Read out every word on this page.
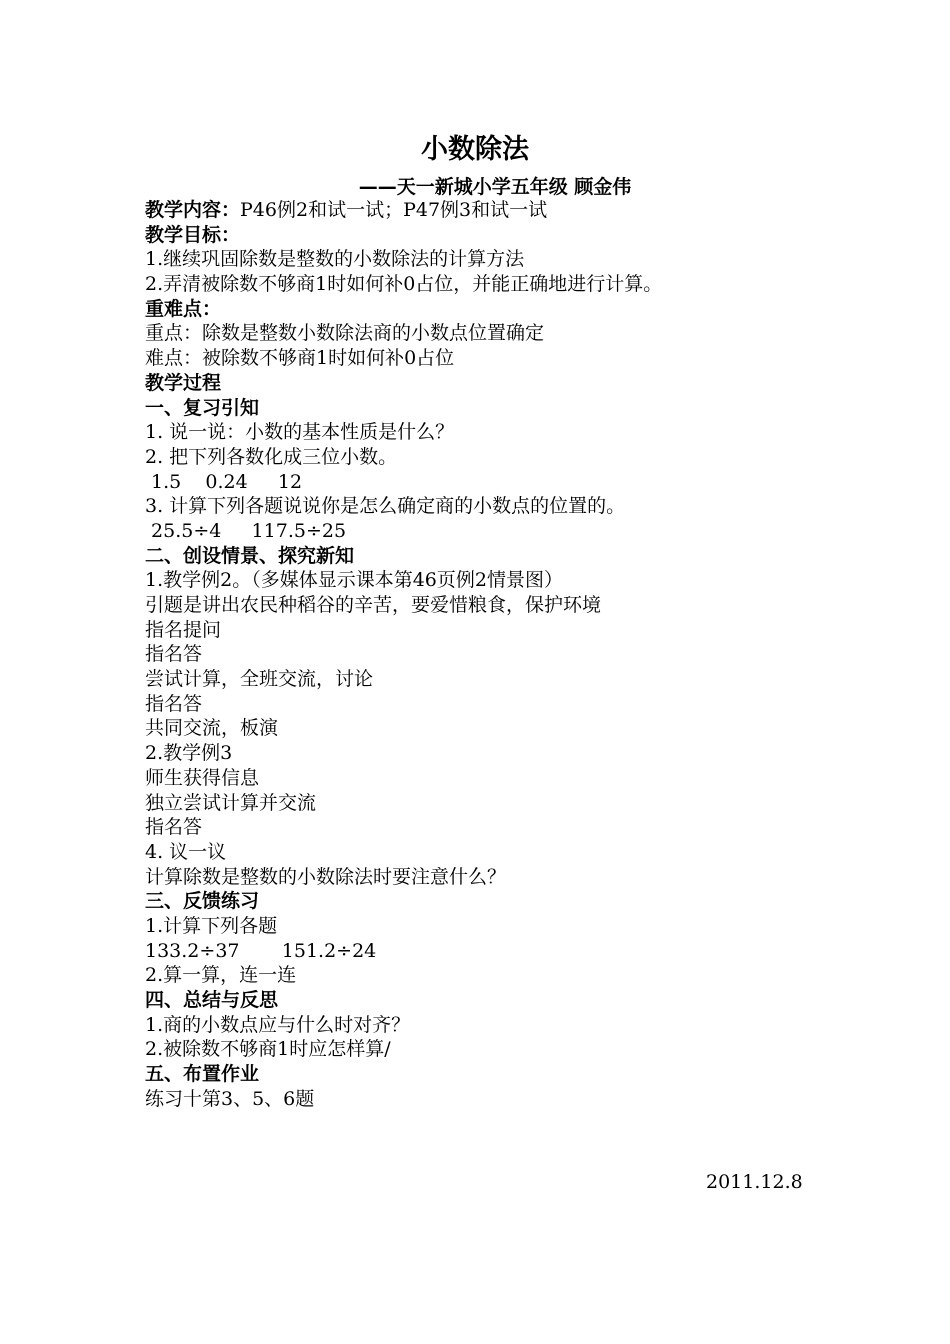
小数除法
——天一新城小学五年级 顾金伟
教学内容：P46例2和试一试；P47例3和试一试
教学目标：
1.继续巩固除数是整数的小数除法的计算方法
2.弄清被除数不够商1时如何补0占位，并能正确地进行计算。
重难点：
重点：除数是整数小数除法商的小数点位置确定
难点：被除数不够商1时如何补0占位
教学过程
一、复习引知
1. 说一说：小数的基本性质是什么？
2. 把下列各数化成三位小数。
1.5    0.24     12
3. 计算下列各题说说你是怎么确定商的小数点的位置的。
25.5÷4     117.5÷25
二、创设情景、探究新知
1.教学例2。（多媒体显示课本第46页例2情景图）
引题是讲出农民种稻谷的辛苦，要爱惜粮食，保护环境
指名提问
指名答
尝试计算，全班交流，讨论
指名答
共同交流，板演
2.教学例3
师生获得信息
独立尝试计算并交流
指名答
4. 议一议
计算除数是整数的小数除法时要注意什么？
三、反馈练习
1.计算下列各题
133.2÷37       151.2÷24
2.算一算，连一连
四、总结与反思
1.商的小数点应与什么时对齐？
2.被除数不够商1时应怎样算/
五、布置作业
练习十第3、5、6题
2011.12.8
